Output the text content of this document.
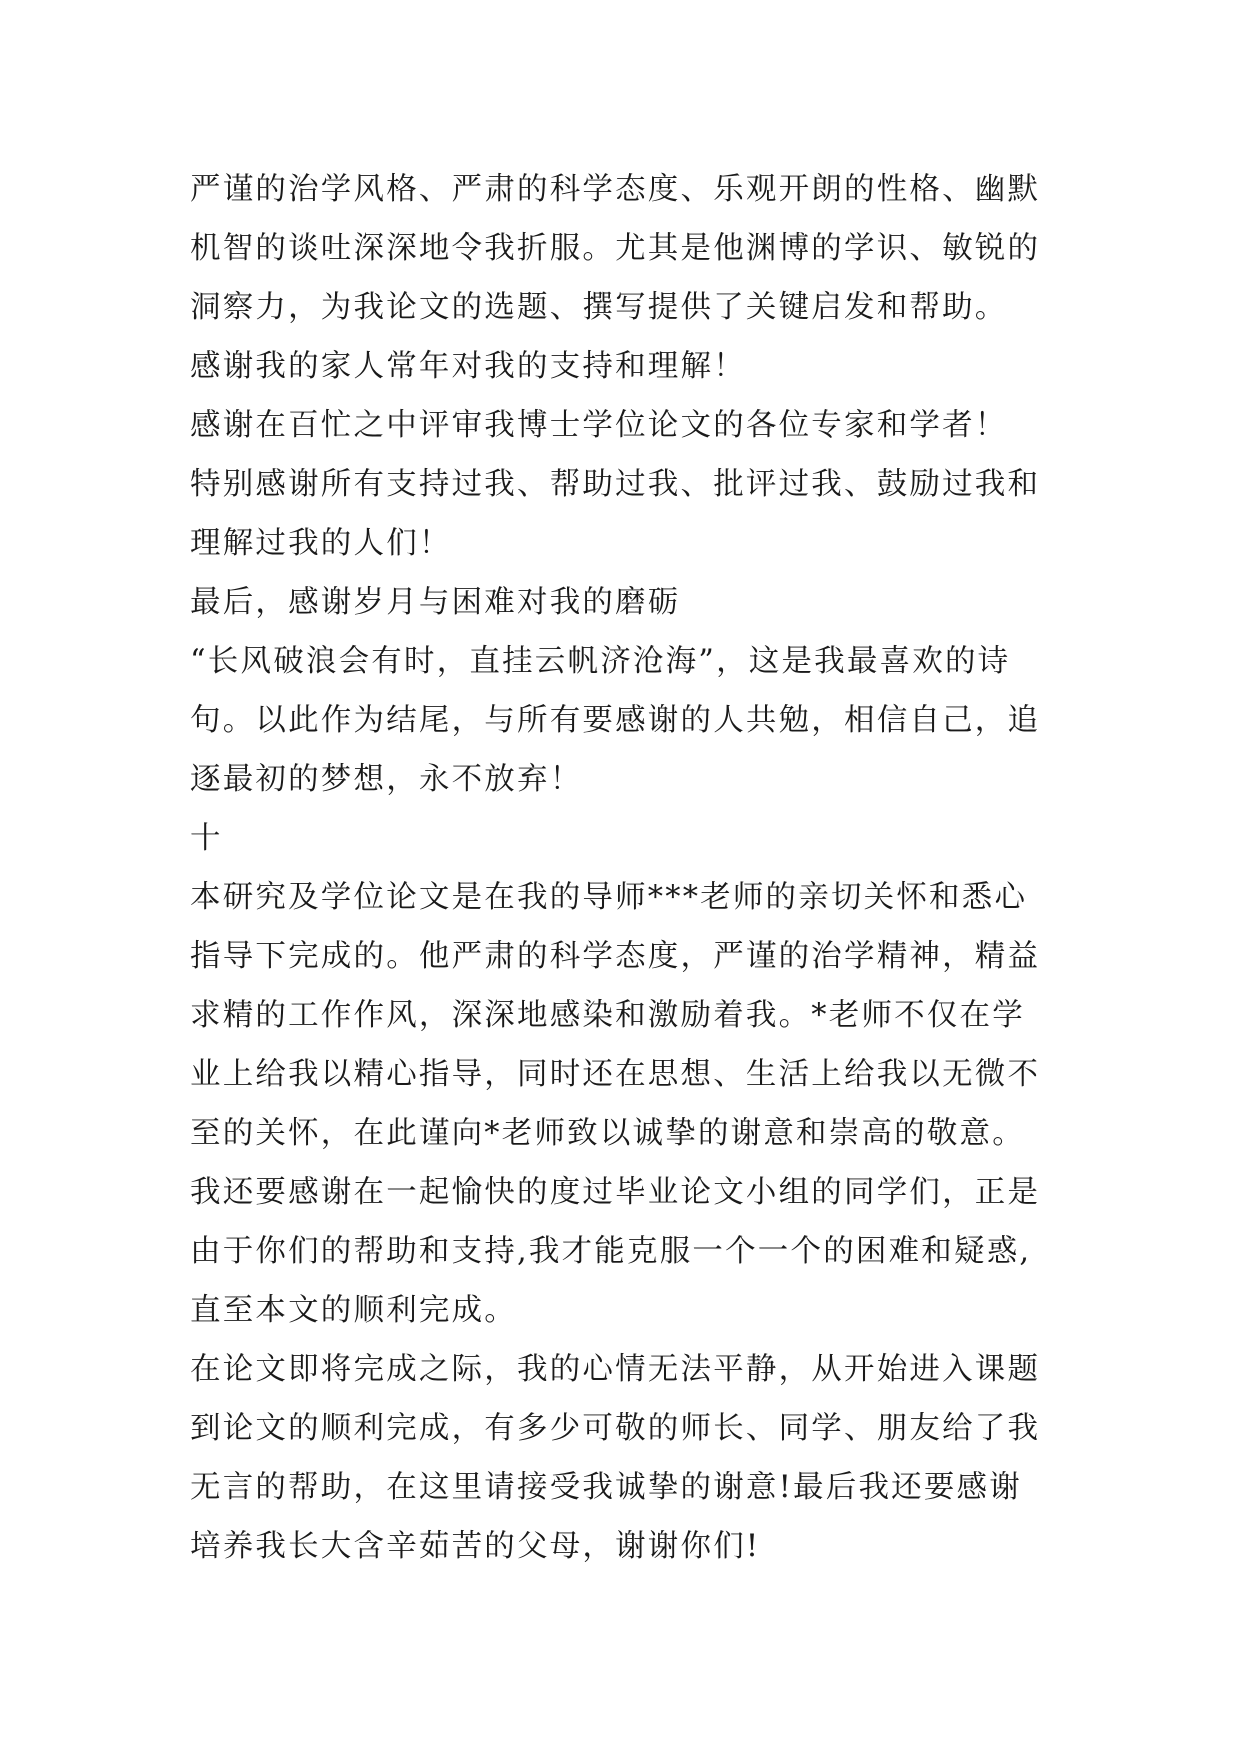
严谨的治学风格、严肃的科学态度、乐观开朗的性格、幽默
机智的谈吐深深地令我折服。尤其是他渊博的学识、敏锐的
洞察力，为我论文的选题、撰写提供了关键启发和帮助。
感谢我的家人常年对我的支持和理解！
感谢在百忙之中评审我博士学位论文的各位专家和学者！
特别感谢所有支持过我、帮助过我、批评过我、鼓励过我和
理解过我的人们！
最后，感谢岁月与困难对我的磨砺
“长风破浪会有时，直挂云帆济沧海”，这是我最喜欢的诗
句。以此作为结尾，与所有要感谢的人共勉，相信自己，追
逐最初的梦想，永不放弃！
十
本研究及学位论文是在我的导师***老师的亲切关怀和悉心
指导下完成的。他严肃的科学态度，严谨的治学精神，精益
求精的工作作风，深深地感染和激励着我。*老师不仅在学
业上给我以精心指导，同时还在思想、生活上给我以无微不
至的关怀，在此谨向*老师致以诚挚的谢意和崇高的敬意。
我还要感谢在一起愉快的度过毕业论文小组的同学们，正是
由于你们的帮助和支持,我才能克服一个一个的困难和疑惑,
直至本文的顺利完成。
在论文即将完成之际，我的心情无法平静，从开始进入课题
到论文的顺利完成，有多少可敬的师长、同学、朋友给了我
无言的帮助，在这里请接受我诚挚的谢意!最后我还要感谢
培养我长大含辛茹苦的父母，谢谢你们!
